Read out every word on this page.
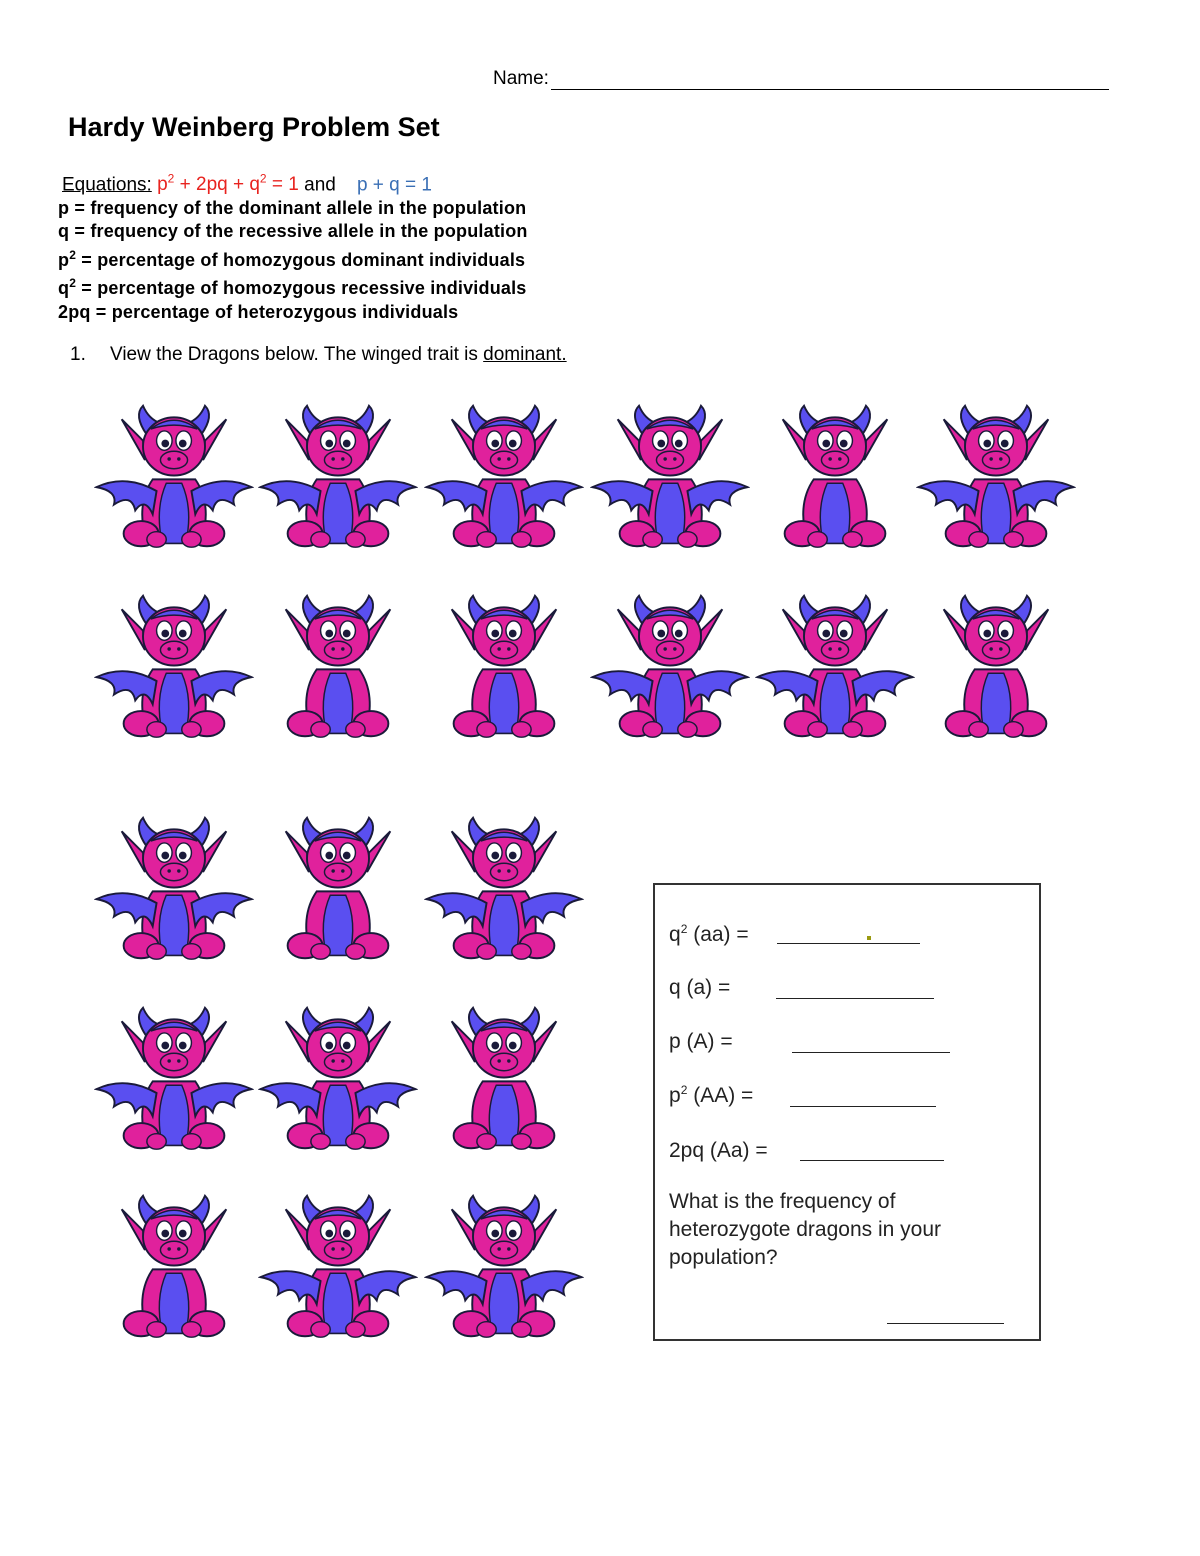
Name:
Hardy Weinberg Problem Set
Equations: $p^2 + 2pq + q^2 = 1$ and p + q = 1
p = frequency of the dominant allele in the population
q = frequency of the recessive allele in the population
$p^2$ = percentage of homozygous dominant individuals
$q^2$ = percentage of homozygous recessive individuals
2pq = percentage of heterozygous individuals
1. View the Dragons below. The winged trait is dominant.
$q^2$ (aa) =
q (a) =
p (A) =
$p^2$ (AA) =
2pq (Aa) =
What is the frequency of
heterozygote dragons in your
population?
